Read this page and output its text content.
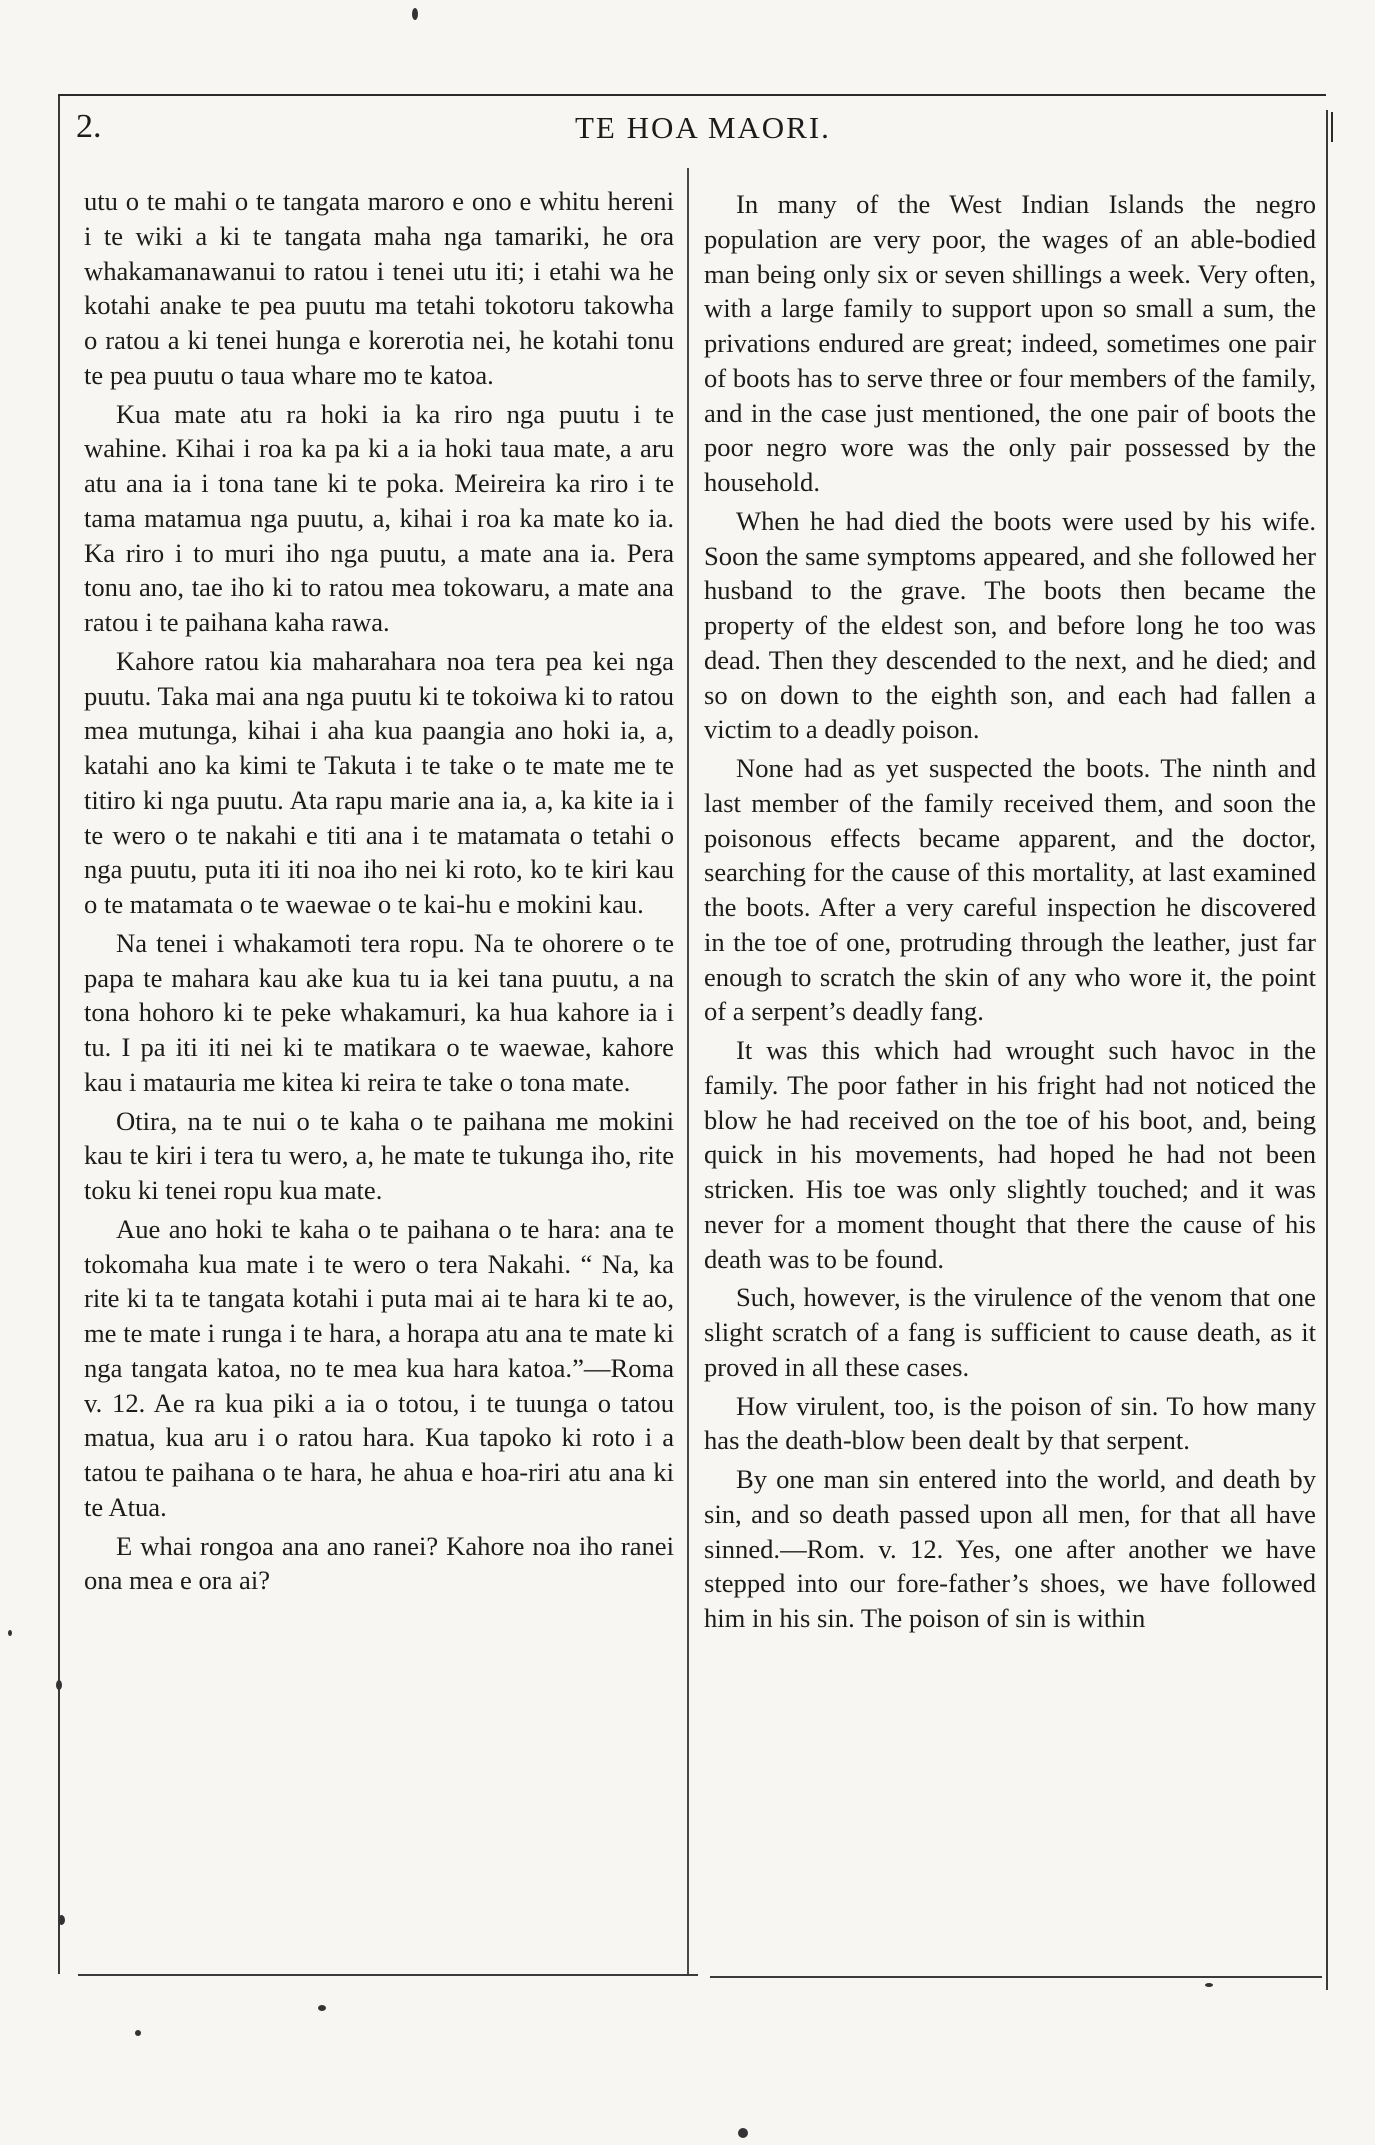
2.	TE HOA MAORI.

utu o te mahi o te tangata maroro e ono e whitu hereni i te wiki a ki te tangata maha nga tamariki, he ora whakamanawanui to ratou i tenei utu iti; i etahi wa he kotahi anake te pea puutu ma tetahi tokotoru takowha o ratou a ki tenei hunga e korerotia nei, he kotahi tonu te pea puutu o taua whare mo te katoa.

Kua mate atu ra hoki ia ka riro nga puutu i te wahine. Kihai i roa ka pa ki a ia hoki taua mate, a aru atu ana ia i tona tane ki te poka. Meireira ka riro i te tama matamua nga puutu, a, kihai i roa ka mate ko ia. Ka riro i to muri iho nga puutu, a mate ana ia. Pera tonu ano, tae iho ki to ratou mea tokowaru, a mate ana ratou i te paihana kaha rawa.

Kahore ratou kia maharahara noa tera pea kei nga puutu. Taka mai ana nga puutu ki te tokoiwa ki to ratou mea mutunga, kihai i aha kua paangia ano hoki ia, a, katahi ano ka kimi te Takuta i te take o te mate me te titiro ki nga puutu. Ata rapu marie ana ia, a, ka kite ia i te wero o te nakahi e titi ana i te matamata o tetahi o nga puutu, puta iti iti noa iho nei ki roto, ko te kiri kau o te matamata o te waewae o te kai-hu e mokini kau.

Na tenei i whakamoti tera ropu. Na te ohorere o te papa te mahara kau ake kua tu ia kei tana puutu, a na tona hohoro ki te peke whakamuri, ka hua kahore ia i tu. I pa iti iti nei ki te matikara o te waewae, kahore kau i matauria me kitea ki reira te take o tona mate.

Otira, na te nui o te kaha o te paihana me mokini kau te kiri i tera tu wero, a, he mate te tukunga iho, rite toku ki tenei ropu kua mate.

Aue ano hoki te kaha o te paihana o te hara: ana te tokomaha kua mate i te wero o tera Nakahi. “ Na, ka rite ki ta te tangata kotahi i puta mai ai te hara ki te ao, me te mate i runga i te hara, a horapa atu ana te mate ki nga tangata katoa, no te mea kua hara katoa.”—Roma v. 12. Ae ra kua piki a ia o totou, i te tuunga o tatou matua, kua aru i o ratou hara. Kua tapoko ki roto i a tatou te paihana o te hara, he ahua e hoa-riri atu ana ki te Atua.

E whai rongoa ana ano ranei? Kahore noa iho ranei ona mea e ora ai?

In many of the West Indian Islands the negro population are very poor, the wages of an able-bodied man being only six or seven shillings a week. Very often, with a large family to support upon so small a sum, the privations endured are great; indeed, sometimes one pair of boots has to serve three or four members of the family, and in the case just mentioned, the one pair of boots the poor negro wore was the only pair possessed by the household.

When he had died the boots were used by his wife. Soon the same symptoms appeared, and she followed her husband to the grave. The boots then became the property of the eldest son, and before long he too was dead. Then they descended to the next, and he died; and so on down to the eighth son, and each had fallen a victim to a deadly poison.

None had as yet suspected the boots. The ninth and last member of the family received them, and soon the poisonous effects became apparent, and the doctor, searching for the cause of this mortality, at last examined the boots. After a very careful inspection he discovered in the toe of one, protruding through the leather, just far enough to scratch the skin of any who wore it, the point of a serpent’s deadly fang.

It was this which had wrought such havoc in the family. The poor father in his fright had not noticed the blow he had received on the toe of his boot, and, being quick in his movements, had hoped he had not been stricken. His toe was only slightly touched; and it was never for a moment thought that there the cause of his death was to be found.

Such, however, is the virulence of the venom that one slight scratch of a fang is sufficient to cause death, as it proved in all these cases.

How virulent, too, is the poison of sin. To how many has the death-blow been dealt by that serpent.

By one man sin entered into the world, and death by sin, and so death passed upon all men, for that all have sinned.—Rom. v. 12. Yes, one after another we have stepped into our fore-father’s shoes, we have followed him in his sin. The poison of sin is within
